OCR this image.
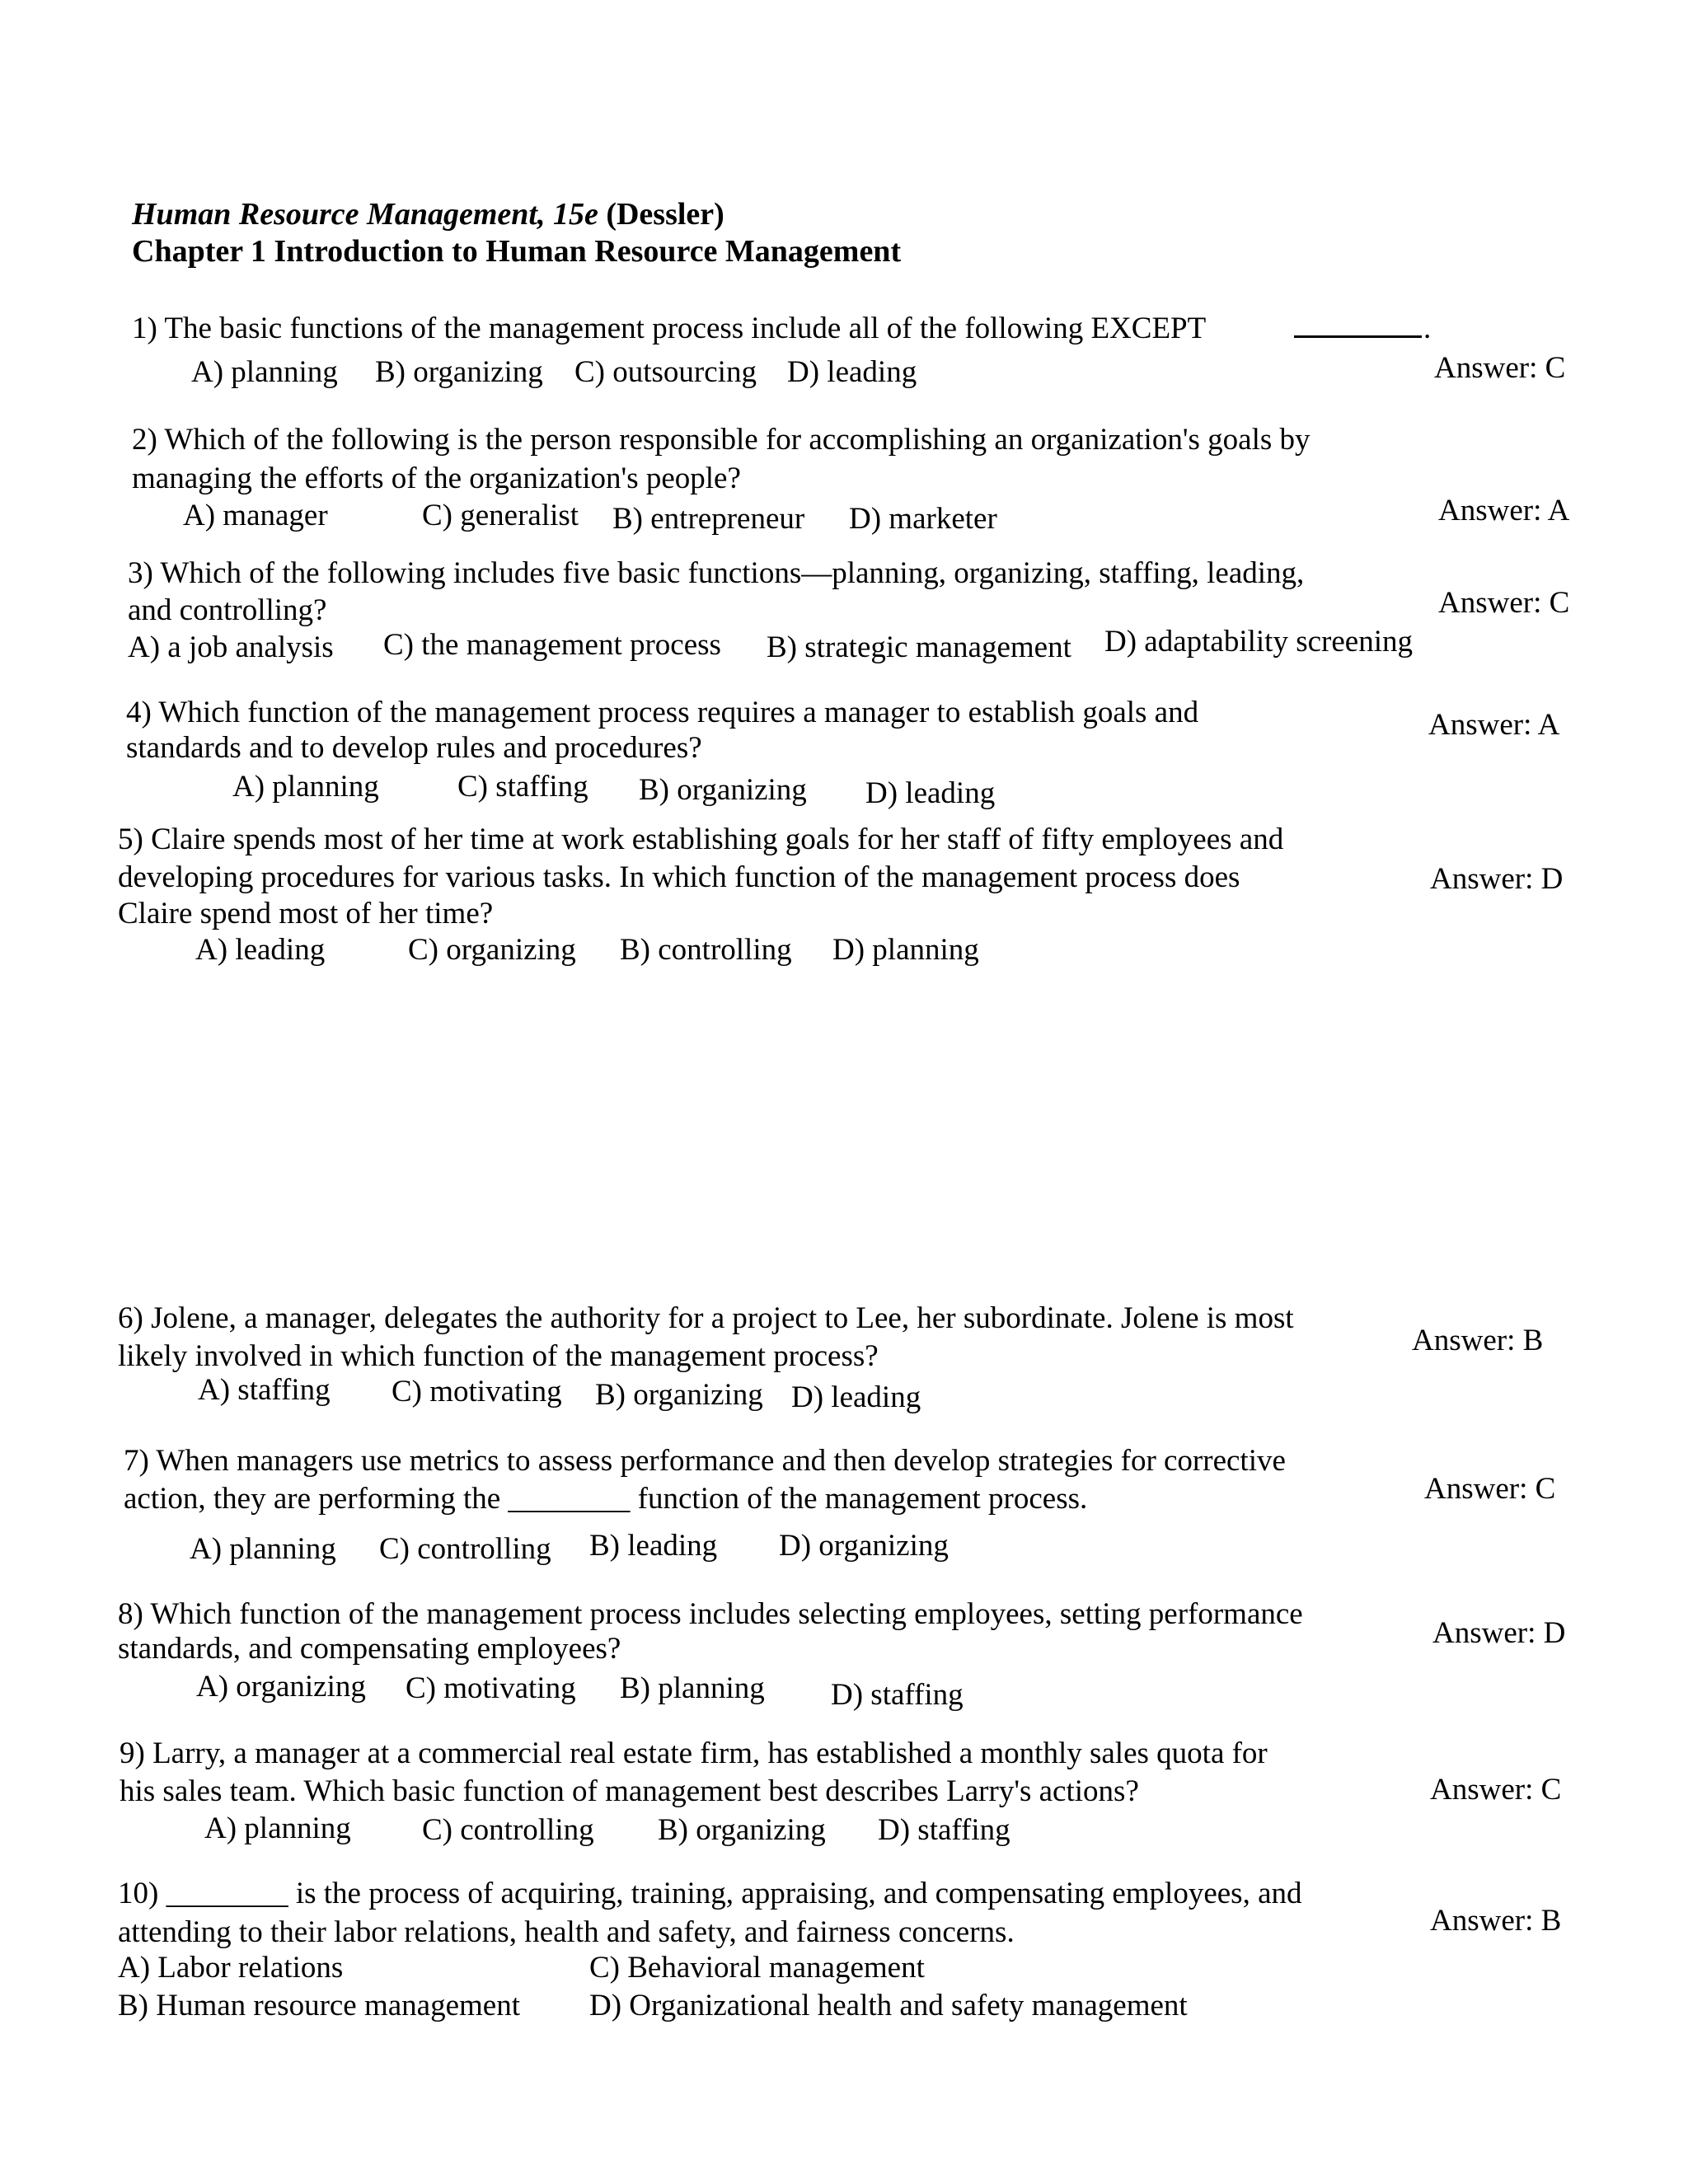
Human Resource Management, 15e (Dessler)
Chapter 1 Introduction to Human Resource Management
1) The basic functions of the management process include all of the following EXCEPT	.
A) planning B) organizing C) outsourcing D) leading	Answer: C
2) Which of the following is the person responsible for accomplishing an organization's goals by
managing the efforts of the organization's people?
A) manager	C) generalist B) entrepreneur D) marketer	Answer: A
3) Which of the following includes five basic functions—planning, organizing, staffing, leading,
and controlling?
A) a job analysis C) the management process B) strategic management D) adaptability screening
Answer: C
4) Which function of the management process requires a manager to establish goals and
standards and to develop rules and procedures?
A) planning	C) staffing B) organizing D) leading
Answer: A
5) Claire spends most of her time at work establishing goals for her staff of fifty employees and
developing procedures for various tasks. In which function of the management process does
Claire spend most of her time?
A) leading	C) organizing B) controlling D) planning
Answer: D
6) Jolene, a manager, delegates the authority for a project to Lee, her subordinate. Jolene is most
likely involved in which function of the management process?
A) staffing C) motivating B) organizing D) leading
Answer: B
7) When managers use metrics to assess performance and then develop strategies for corrective
action, they are performing the ________ function of the management process.
A) planning C) controlling B) leading D) organizing
Answer: C
8) Which function of the management process includes selecting employees, setting performance
standards, and compensating employees?
A) organizing C) motivating B) planning D) staffing
Answer: D
9) Larry, a manager at a commercial real estate firm, has established a monthly sales quota for
his sales team. Which basic function of management best describes Larry's actions?
A) planning C) controlling B) organizing D) staffing
Answer: C
10) ________ is the process of acquiring, training, appraising, and compensating employees, and
attending to their labor relations, health and safety, and fairness concerns.
A) Labor relations	C) Behavioral management
B) Human resource management D) Organizational health and safety management
Answer: B
